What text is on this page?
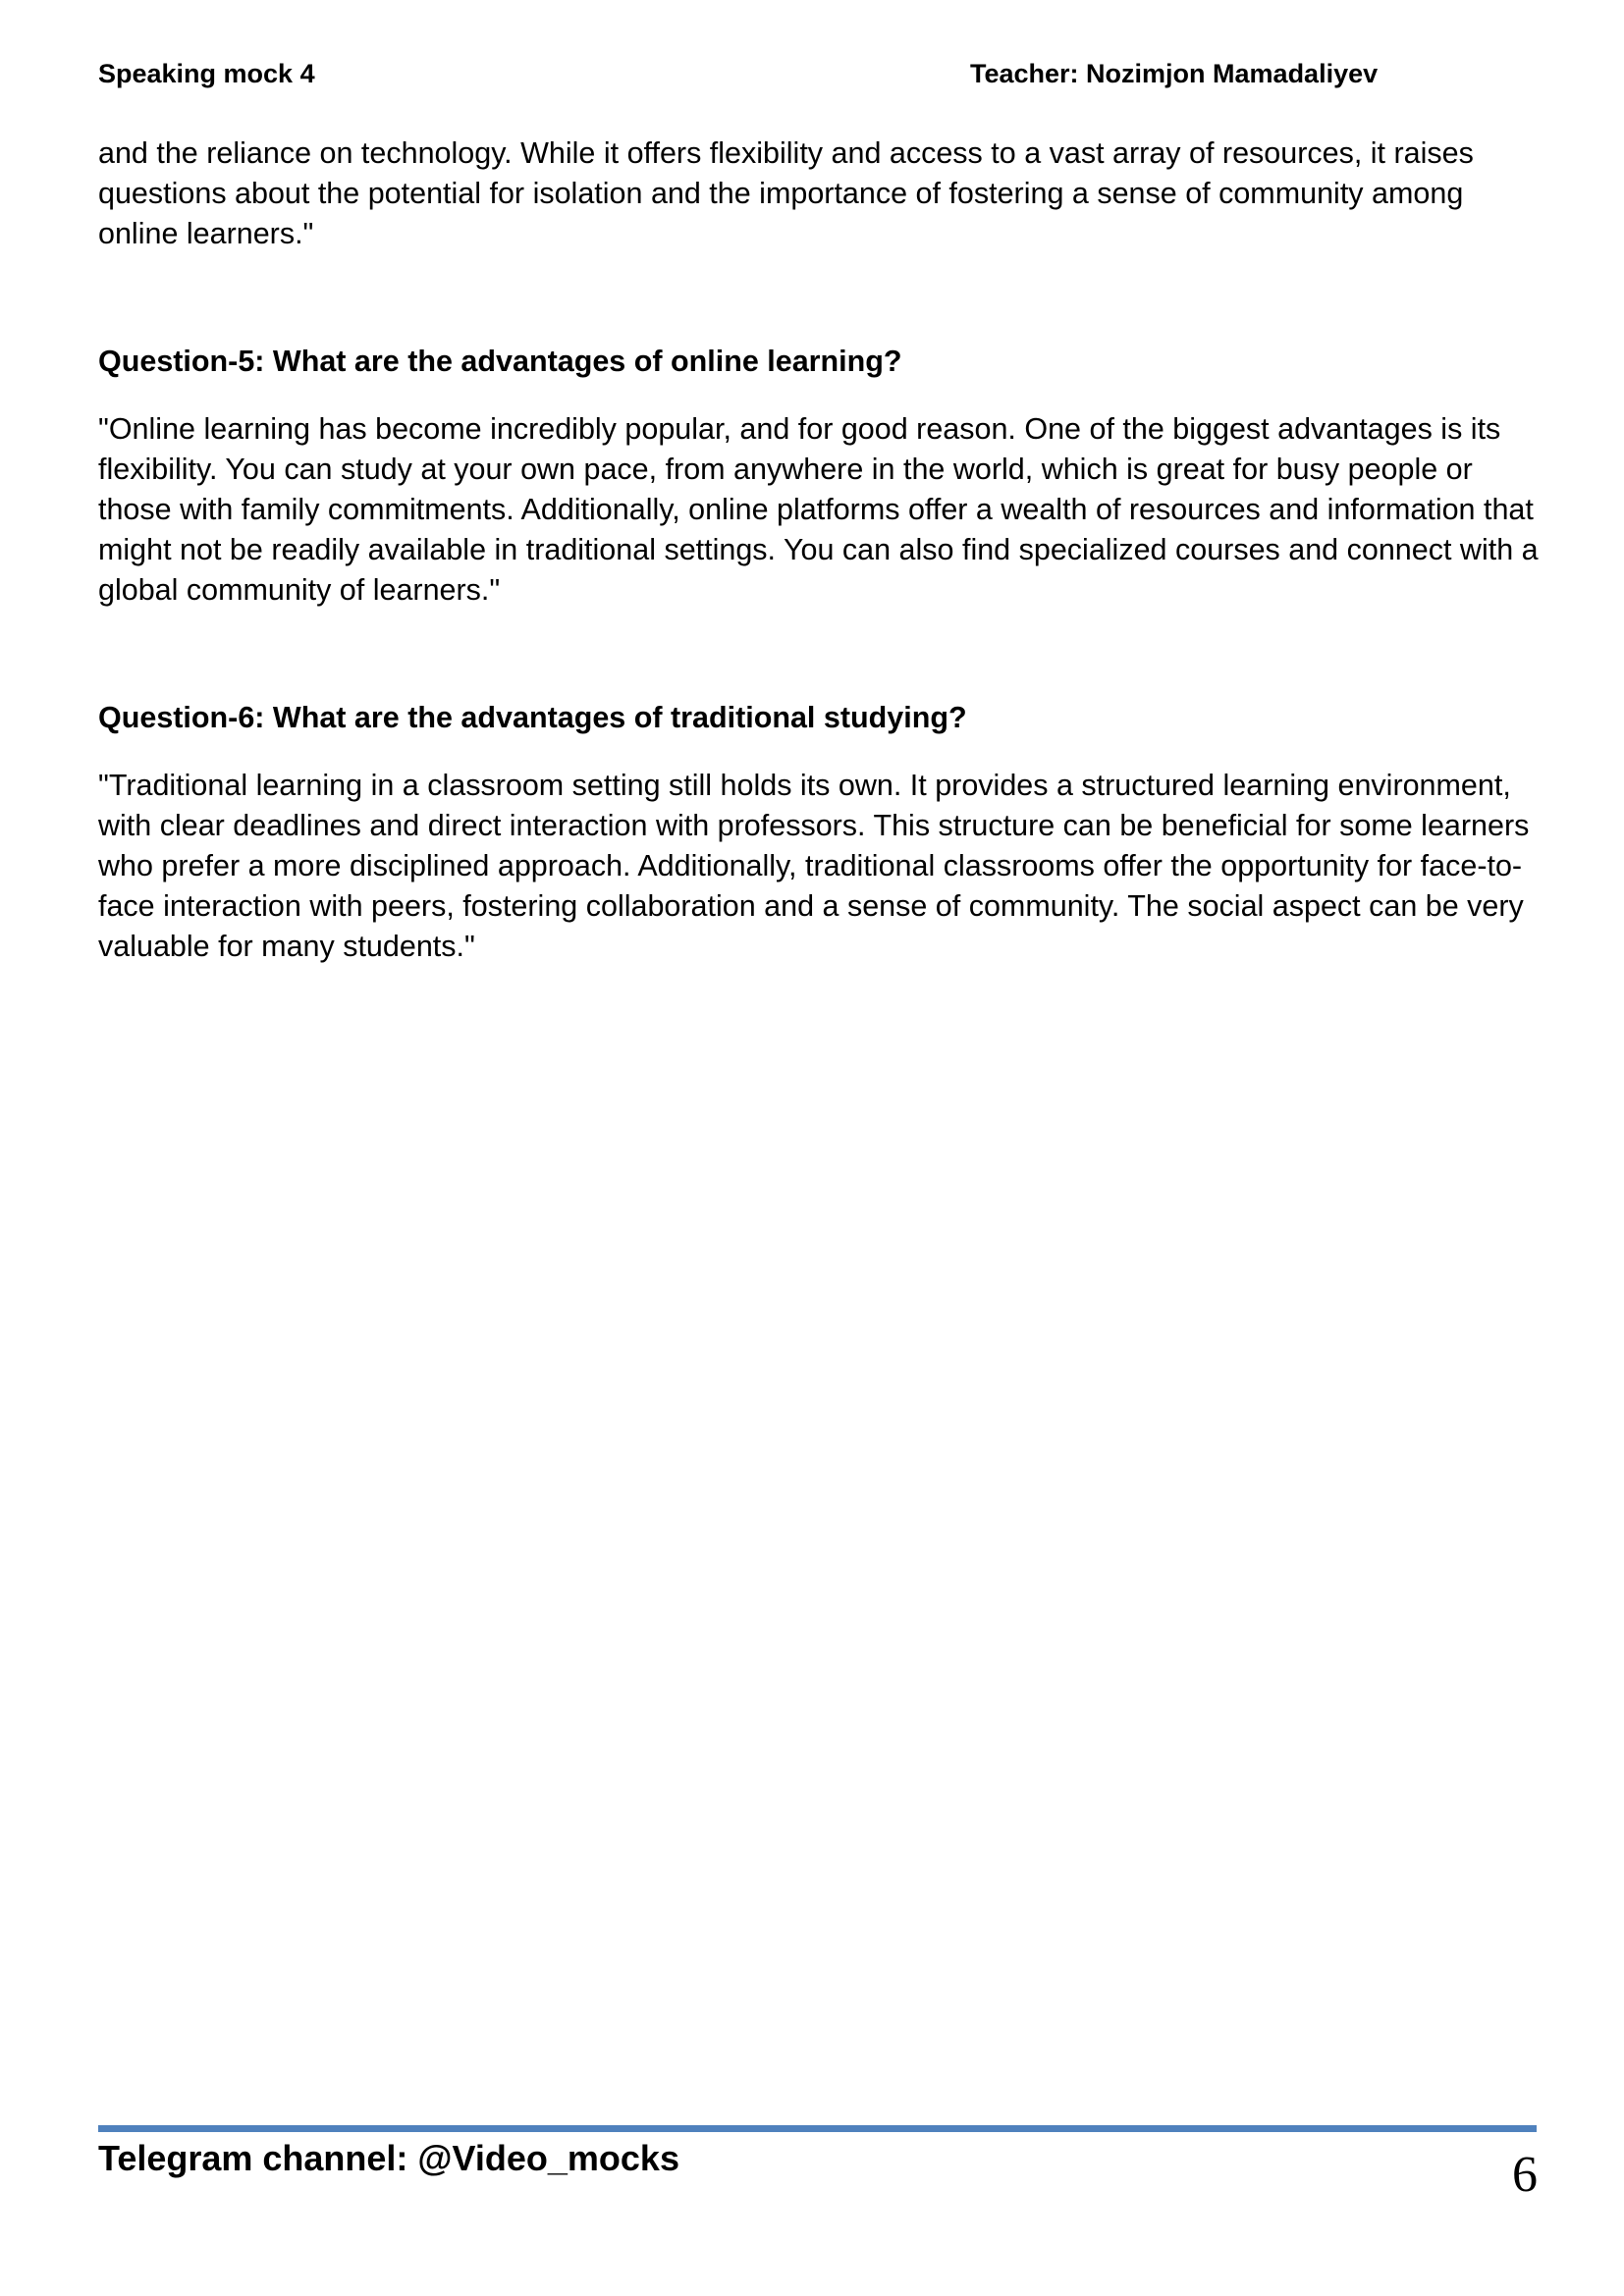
Speaking mock 4	Teacher: Nozimjon Mamadaliyev

and the reliance on technology. While it offers flexibility and access to a vast array of resources, it raises questions about the potential for isolation and the importance of fostering a sense of community among online learners."

Question-5: What are the advantages of online learning?

"Online learning has become incredibly popular, and for good reason. One of the biggest advantages is its flexibility. You can study at your own pace, from anywhere in the world, which is great for busy people or those with family commitments. Additionally, online platforms offer a wealth of resources and information that might not be readily available in traditional settings. You can also find specialized courses and connect with a global community of learners."

Question-6: What are the advantages of traditional studying?

"Traditional learning in a classroom setting still holds its own. It provides a structured learning environment, with clear deadlines and direct interaction with professors. This structure can be beneficial for some learners who prefer a more disciplined approach. Additionally, traditional classrooms offer the opportunity for face-to-face interaction with peers, fostering collaboration and a sense of community. The social aspect can be very valuable for many students."

Telegram channel: @Video_mocks	6
